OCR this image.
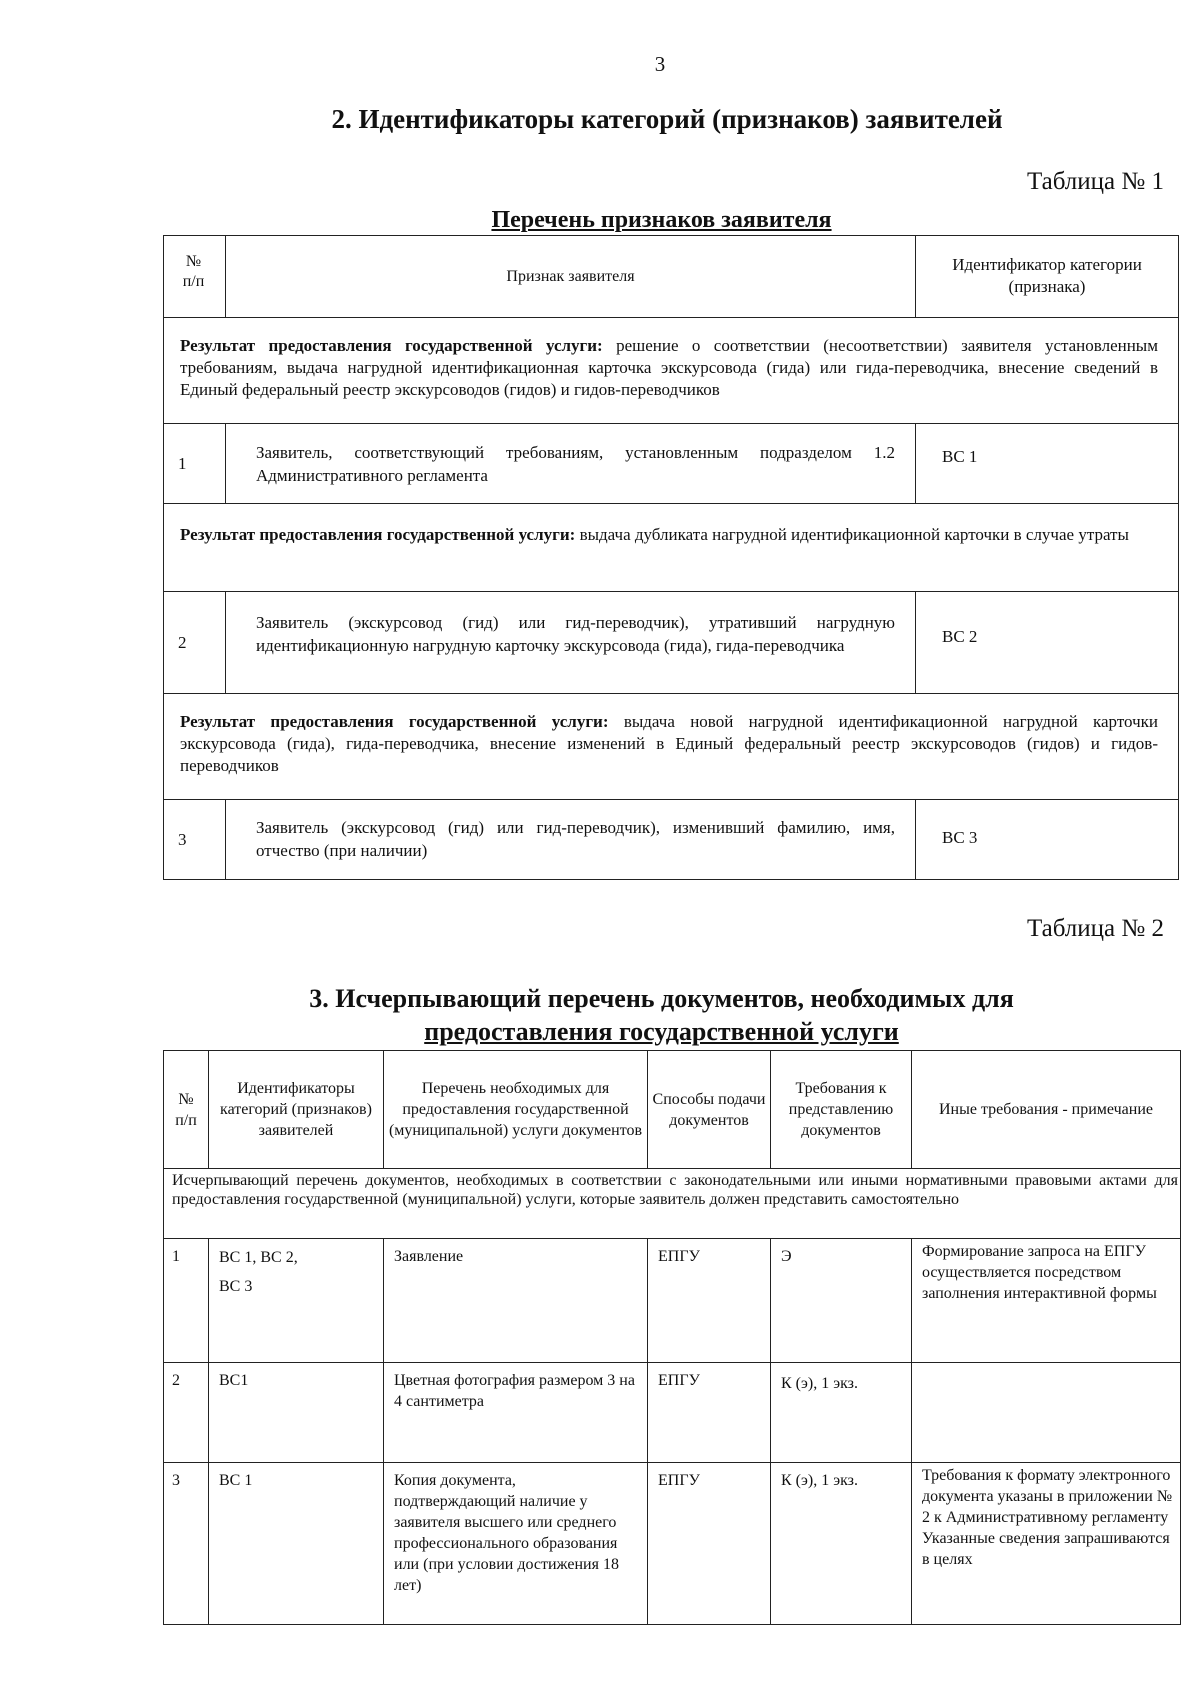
3
2. Идентификаторы категорий (признаков) заявителей
Таблица № 1
Перечень признаков заявителя
№
п/п	Признак заявителя	Идентификатор категории (признака)
Результат предоставления государственной услуги: решение о соответствии (несоответствии) заявителя установленным требованиям, выдача нагрудной идентификационная карточка экскурсовода (гида) или гида-переводчика, внесение сведений в Единый федеральный реестр экскурсоводов (гидов) и гидов-переводчиков		
1	Заявитель, соответствующий требованиям, установленным подразделом 1.2 Административного регламента	ВС 1
Результат предоставления государственной услуги: выдача дубликата нагрудной идентификационной карточки в случае утраты		
2	Заявитель (экскурсовод (гид) или гид-переводчик), утративший нагрудную идентификационную нагрудную карточку экскурсовода (гида), гида-переводчика	ВС 2
Результат предоставления государственной услуги: выдача новой нагрудной идентификационной нагрудной карточки экскурсовода (гида), гида-переводчика, внесение изменений в Единый федеральный реестр экскурсоводов (гидов) и гидов-переводчиков		
3	Заявитель (экскурсовод (гид) или гид-переводчик), изменивший фамилию, имя, отчество (при наличии)	ВС 3
Таблица № 2
3. Исчерпывающий перечень документов, необходимых для
предоставления государственной услуги
№
п/п	Идентификаторы категорий (признаков) заявителей	Перечень необходимых для предоставления государственной (муниципальной) услуги документов	Способы подачи документов	Требования к представлению документов	Иные требования - примечание
Исчерпывающий перечень документов, необходимых в соответствии с законодательными или иными нормативными правовыми актами для предоставления государственной (муниципальной) услуги, которые заявитель должен представить самостоятельно					
1	ВС 1, ВС 2,
ВС 3	Заявление	ЕПГУ	Э	Формирование запроса на ЕПГУ осуществляется посредством заполнения интерактивной формы
2	ВС1	Цветная фотография размером 3 на 4 сантиметра	ЕПГУ	К (э), 1 экз.	
3	ВС 1	Копия документа, подтверждающий наличие у заявителя высшего или среднего профессионального образования или (при условии достижения 18 лет)	ЕПГУ	К (э), 1 экз.	Требования к формату электронного документа указаны в приложении № 2 к Административному регламенту
Указанные сведения запрашиваются в целях
